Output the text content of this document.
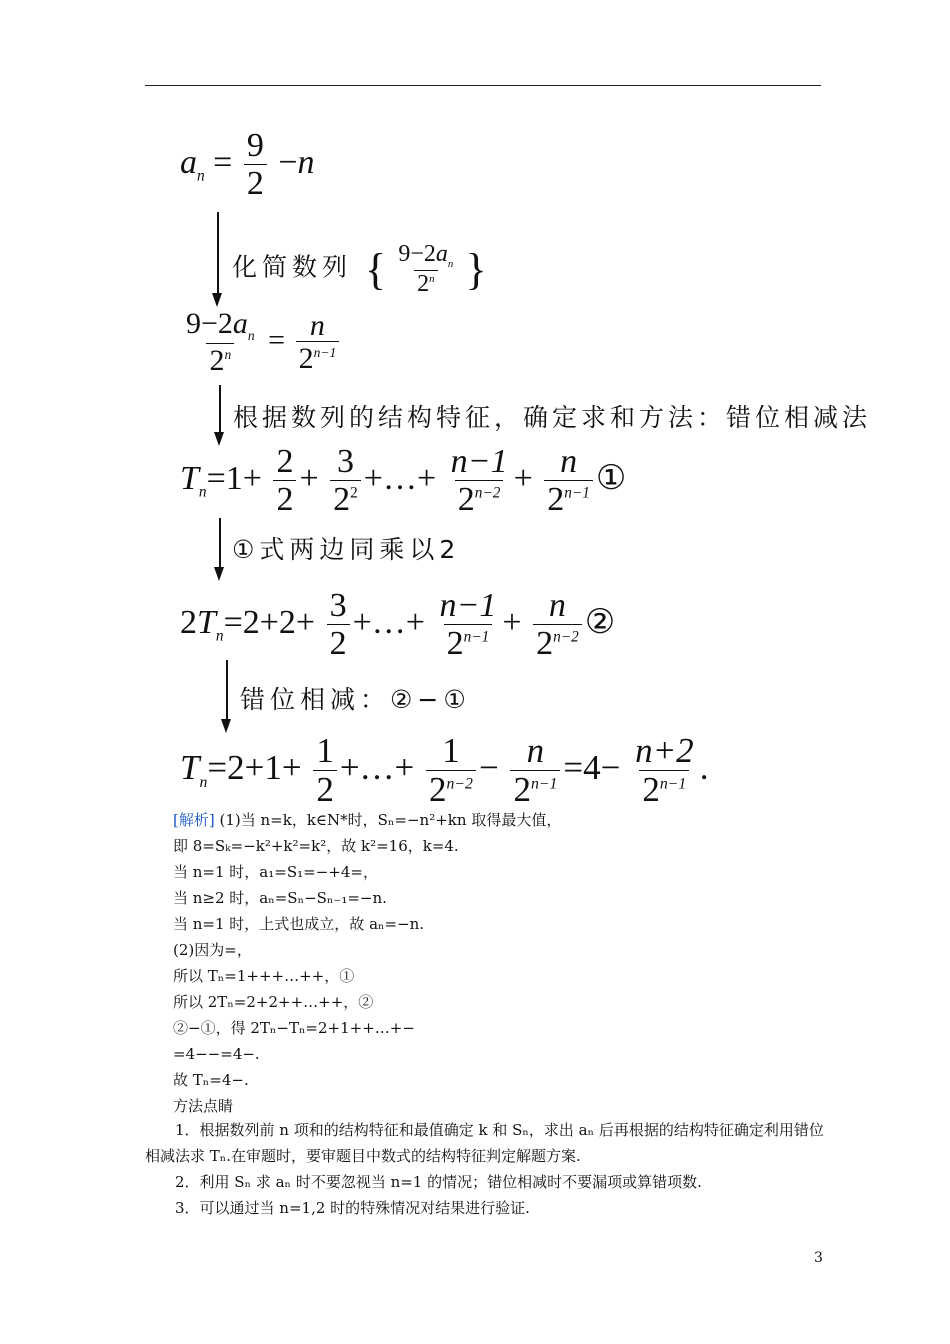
$a_n = \frac{9}{2} -n$
化简数列 { $\frac{9-2a_n}{2^n}$ }
$\frac{9-2a_n}{2^n} = \frac{n}{2^{n-1}}$
根据数列的结构特征，确定求和方法：错位相减法
$T_n=1+ \frac{2}{2} + \frac{3}{2^2}$ +…+ $\frac{n-1}{2^{n-2}} + \frac{n}{2^{n-1}}$ ①
①式两边同乘以2
$2T_n=2+2+ \frac{3}{2}$ +…+ $\frac{n-1}{2^{n-1}} + \frac{n}{2^{n-2}}$ ②
错位相减：②−①
$T_n=2+1+ \frac{1}{2}$ +…+ $\frac{1}{2^{n-2}} - \frac{n}{2^{n-1}} =4- \frac{n+2}{2^{n-1}}$ .
[解析] (1)当 n=k，k∈N*时，Sₙ=−n²+kn 取得最大值，
即 8=Sₖ=−k²+k²=k²，故 k²=16，k=4.
当 n=1 时，a₁=S₁=−+4=，
当 n≥2 时，aₙ=Sₙ−Sₙ₋₁=−n.
当 n=1 时，上式也成立，故 aₙ=−n.
(2)因为=，
所以 Tₙ=1+++…++，①
所以 2Tₙ=2+2++…++，②
②−①，得 2Tₙ−Tₙ=2+1++…+−
=4−−=4−.
故 Tₙ=4−.
方法点睛
1．根据数列前 n 项和的结构特征和最值确定 k 和 Sₙ，求出 aₙ 后再根据的结构特征确定利用错位相减法求 Tₙ.在审题时，要审题目中数式的结构特征判定解题方案.
2．利用 Sₙ 求 aₙ 时不要忽视当 n=1 的情况；错位相减时不要漏项或算错项数.
3．可以通过当 n=1,2 时的特殊情况对结果进行验证.
3
